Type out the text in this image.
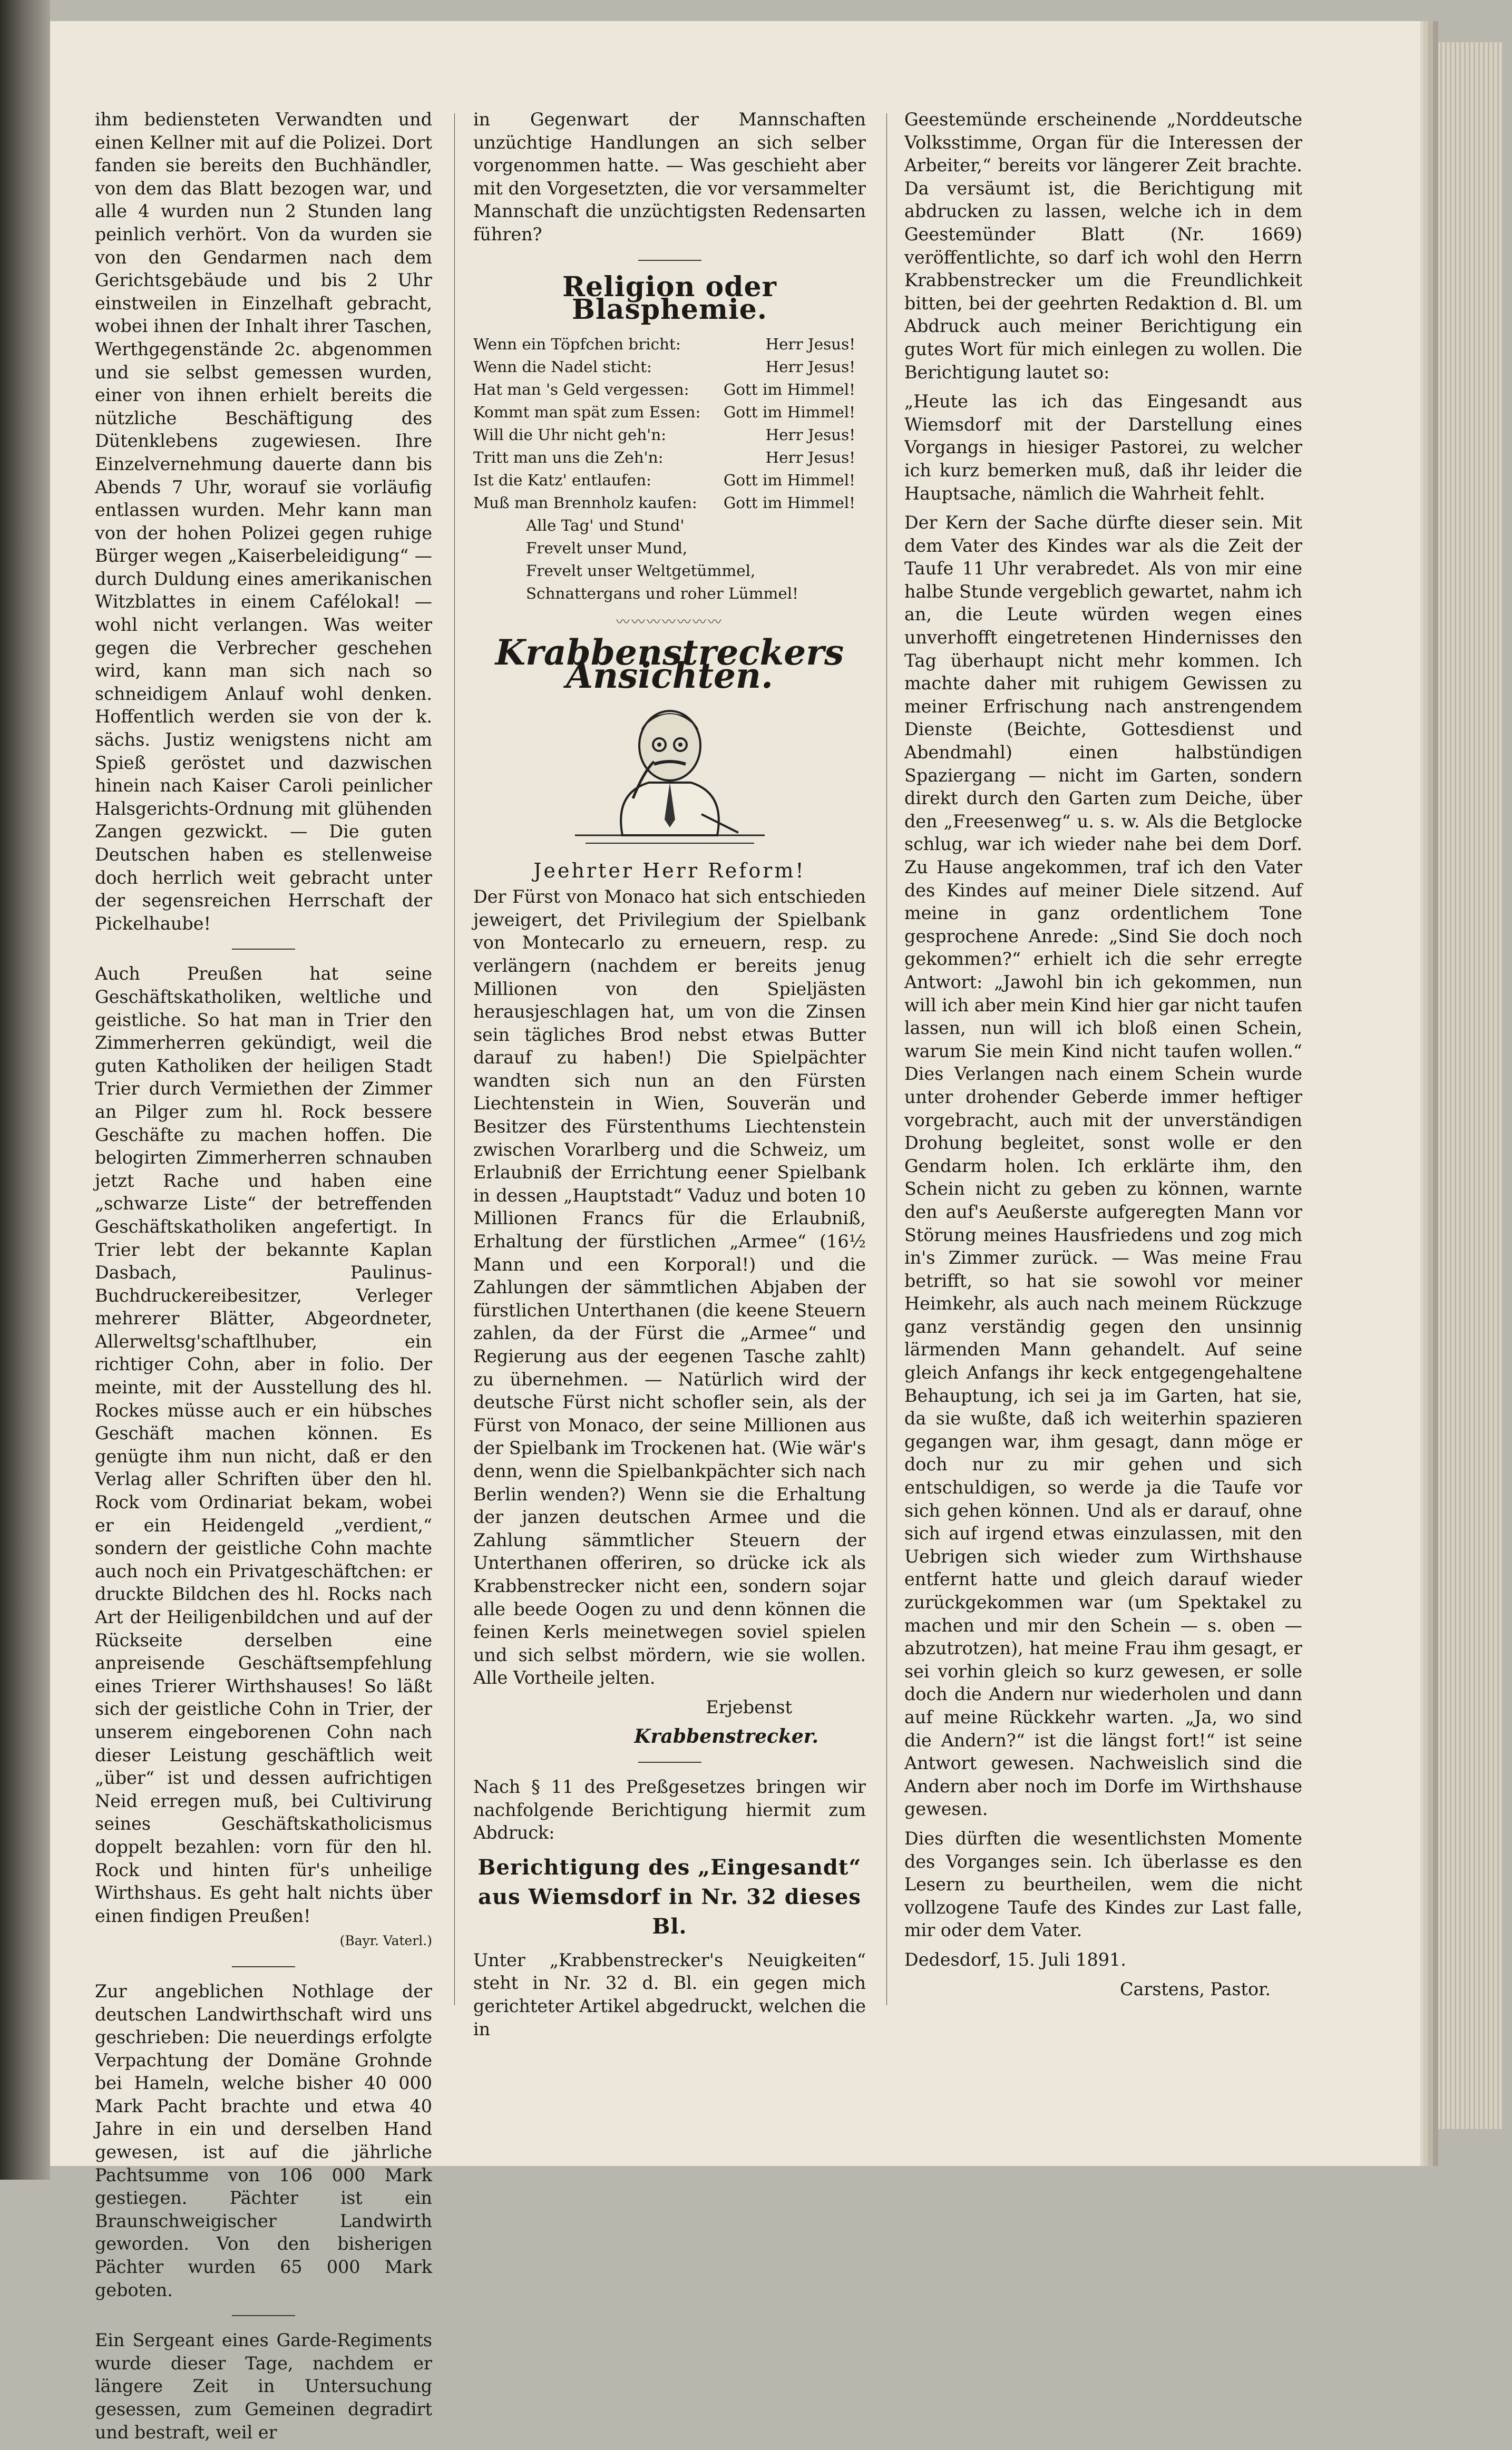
ihm bediensteten Verwandten und einen Kellner mit auf die Polizei. Dort fanden sie bereits den Buchhändler, von dem das Blatt bezogen war, und alle 4 wurden nun 2 Stunden lang peinlich verhört. Von da wurden sie von den Gendarmen nach dem Gerichtsgebäude und bis 2 Uhr einstweilen in Einzelhaft gebracht, wobei ihnen der Inhalt ihrer Taschen, Werthgegenstände 2c. abgenommen und sie selbst gemessen wurden, einer von ihnen erhielt bereits die nützliche Beschäftigung des Dütenklebens zugewiesen. Ihre Einzelvernehmung dauerte dann bis Abends 7 Uhr, worauf sie vorläufig entlassen wurden. Mehr kann man von der hohen Polizei gegen ruhige Bürger wegen „Kaiserbeleidigung“ — durch Duldung eines amerikanischen Witzblattes in einem Cafélokal! — wohl nicht verlangen. Was weiter gegen die Verbrecher geschehen wird, kann man sich nach so schneidigem Anlauf wohl denken. Hoffentlich werden sie von der k. sächs. Justiz wenigstens nicht am Spieß geröstet und dazwischen hinein nach Kaiser Caroli peinlicher Halsgerichts-Ordnung mit glühenden Zangen gezwickt. — Die guten Deutschen haben es stellenweise doch herrlich weit gebracht unter der segensreichen Herrschaft der Pickelhaube!

Auch Preußen hat seine Geschäftskatholiken, weltliche und geistliche. So hat man in Trier den Zimmerherren gekündigt, weil die guten Katholiken der heiligen Stadt Trier durch Vermiethen der Zimmer an Pilger zum hl. Rock bessere Geschäfte zu machen hoffen. Die belogirten Zimmerherren schnauben jetzt Rache und haben eine „schwarze Liste“ der betreffenden Geschäftskatholiken angefertigt. In Trier lebt der bekannte Kaplan Dasbach, Paulinus-Buchdruckereibesitzer, Verleger mehrerer Blätter, Abgeordneter, Allerweltsg'schaftlhuber, ein richtiger Cohn, aber in folio. Der meinte, mit der Ausstellung des hl. Rockes müsse auch er ein hübsches Geschäft machen können. Es genügte ihm nun nicht, daß er den Verlag aller Schriften über den hl. Rock vom Ordinariat bekam, wobei er ein Heidengeld „verdient,“ sondern der geistliche Cohn machte auch noch ein Privatgeschäftchen: er druckte Bildchen des hl. Rocks nach Art der Heiligenbildchen und auf der Rückseite derselben eine anpreisende Geschäftsempfehlung eines Trierer Wirthshauses! So läßt sich der geistliche Cohn in Trier, der unserem eingeborenen Cohn nach dieser Leistung geschäftlich weit „über“ ist und dessen aufrichtigen Neid erregen muß, bei Cultivirung seines Geschäftskatholicismus doppelt bezahlen: vorn für den hl. Rock und hinten für's unheilige Wirthshaus. Es geht halt nichts über einen findigen Preußen!

(Bayr. Vaterl.)

Zur angeblichen Nothlage der deutschen Landwirthschaft wird uns geschrieben: Die neuerdings erfolgte Verpachtung der Domäne Grohnde bei Hameln, welche bisher 40 000 Mark Pacht brachte und etwa 40 Jahre in ein und derselben Hand gewesen, ist auf die jährliche Pachtsumme von 106 000 Mark gestiegen. Pächter ist ein Braunschweigischer Landwirth geworden. Von den bisherigen Pächter wurden 65 000 Mark geboten.

Ein Sergeant eines Garde-Regiments wurde dieser Tage, nachdem er längere Zeit in Untersuchung gesessen, zum Gemeinen degradirt und bestraft, weil er

in Gegenwart der Mannschaften unzüchtige Handlungen an sich selber vorgenommen hatte. — Was geschieht aber mit den Vorgesetzten, die vor versammelter Mannschaft die unzüchtigsten Redensarten führen?

Religion oder Blasphemie.
Wenn ein Töpfchen bricht:	Herr Jesus!
Wenn die Nadel sticht:	Herr Jesus!
Hat man 's Geld vergessen:	Gott im Himmel!
Kommt man spät zum Essen:	Gott im Himmel!
Will die Uhr nicht geh'n:	Herr Jesus!
Tritt man uns die Zeh'n:	Herr Jesus!
Ist die Katz' entlaufen:	Gott im Himmel!
Muß man Brennholz kaufen:	Gott im Himmel!
Alle Tag' und Stund'
Frevelt unser Mund,
Frevelt unser Weltgetümmel,
Schnattergans und roher Lümmel!
〰〰〰〰〰〰〰
Krabbenstreckers Ansichten.
Jeehrter Herr Reform!

Der Fürst von Monaco hat sich entschieden jeweigert, det Privilegium der Spielbank von Montecarlo zu erneuern, resp. zu verlängern (nachdem er bereits jenug Millionen von den Spieljästen herausjeschlagen hat, um von die Zinsen sein tägliches Brod nebst etwas Butter darauf zu haben!) Die Spielpächter wandten sich nun an den Fürsten Liechtenstein in Wien, Souverän und Besitzer des Fürstenthums Liechtenstein zwischen Vorarlberg und die Schweiz, um Erlaubniß der Errichtung eener Spielbank in dessen „Hauptstadt“ Vaduz und boten 10 Millionen Francs für die Erlaubniß, Erhaltung der fürstlichen „Armee“ (16½ Mann und een Korporal!) und die Zahlungen der sämmtlichen Abjaben der fürstlichen Unterthanen (die keene Steuern zahlen, da der Fürst die „Armee“ und Regierung aus der eegenen Tasche zahlt) zu übernehmen. — Natürlich wird der deutsche Fürst nicht schofler sein, als der Fürst von Monaco, der seine Millionen aus der Spielbank im Trockenen hat. (Wie wär's denn, wenn die Spielbankpächter sich nach Berlin wenden?) Wenn sie die Erhaltung der janzen deutschen Armee und die Zahlung sämmtlicher Steuern der Unterthanen offeriren, so drücke ick als Krabbenstrecker nicht een, sondern sojar alle beede Oogen zu und denn können die feinen Kerls meinetwegen soviel spielen und sich selbst mördern, wie sie wollen. Alle Vortheile jelten.

Erjebenst

Krabbenstrecker.

Nach § 11 des Preßgesetzes bringen wir nachfolgende Berichtigung hiermit zum Abdruck:

Berichtigung des „Eingesandt“ aus Wiemsdorf in Nr. 32 dieses Bl.

Unter „Krabbenstrecker's Neuigkeiten“ steht in Nr. 32 d. Bl. ein gegen mich gerichteter Artikel abgedruckt, welchen die in

Geestemünde erscheinende „Norddeutsche Volksstimme, Organ für die Interessen der Arbeiter,“ bereits vor längerer Zeit brachte. Da versäumt ist, die Berichtigung mit abdrucken zu lassen, welche ich in dem Geestemünder Blatt (Nr. 1669) veröffentlichte, so darf ich wohl den Herrn Krabbenstrecker um die Freundlichkeit bitten, bei der geehrten Redaktion d. Bl. um Abdruck auch meiner Berichtigung ein gutes Wort für mich einlegen zu wollen. Die Berichtigung lautet so:

„Heute las ich das Eingesandt aus Wiemsdorf mit der Darstellung eines Vorgangs in hiesiger Pastorei, zu welcher ich kurz bemerken muß, daß ihr leider die Hauptsache, nämlich die Wahrheit fehlt.

Der Kern der Sache dürfte dieser sein. Mit dem Vater des Kindes war als die Zeit der Taufe 11 Uhr verabredet. Als von mir eine halbe Stunde vergeblich gewartet, nahm ich an, die Leute würden wegen eines unverhofft eingetretenen Hindernisses den Tag überhaupt nicht mehr kommen. Ich machte daher mit ruhigem Gewissen zu meiner Erfrischung nach anstrengendem Dienste (Beichte, Gottesdienst und Abendmahl) einen halbstündigen Spaziergang — nicht im Garten, sondern direkt durch den Garten zum Deiche, über den „Freesenweg“ u. s. w. Als die Betglocke schlug, war ich wieder nahe bei dem Dorf. Zu Hause angekommen, traf ich den Vater des Kindes auf meiner Diele sitzend. Auf meine in ganz ordentlichem Tone gesprochene Anrede: „Sind Sie doch noch gekommen?“ erhielt ich die sehr erregte Antwort: „Jawohl bin ich gekommen, nun will ich aber mein Kind hier gar nicht taufen lassen, nun will ich bloß einen Schein, warum Sie mein Kind nicht taufen wollen.“ Dies Verlangen nach einem Schein wurde unter drohender Geberde immer heftiger vorgebracht, auch mit der unverständigen Drohung begleitet, sonst wolle er den Gendarm holen. Ich erklärte ihm, den Schein nicht zu geben zu können, warnte den auf's Aeußerste aufgeregten Mann vor Störung meines Hausfriedens und zog mich in's Zimmer zurück. — Was meine Frau betrifft, so hat sie sowohl vor meiner Heimkehr, als auch nach meinem Rückzuge ganz verständig gegen den unsinnig lärmenden Mann gehandelt. Auf seine gleich Anfangs ihr keck entgegengehaltene Behauptung, ich sei ja im Garten, hat sie, da sie wußte, daß ich weiterhin spazieren gegangen war, ihm gesagt, dann möge er doch nur zu mir gehen und sich entschuldigen, so werde ja die Taufe vor sich gehen können. Und als er darauf, ohne sich auf irgend etwas einzulassen, mit den Uebrigen sich wieder zum Wirthshause entfernt hatte und gleich darauf wieder zurückgekommen war (um Spektakel zu machen und mir den Schein — s. oben — abzutrotzen), hat meine Frau ihm gesagt, er sei vorhin gleich so kurz gewesen, er solle doch die Andern nur wiederholen und dann auf meine Rückkehr warten. „Ja, wo sind die Andern?“ ist die längst fort!“ ist seine Antwort gewesen. Nachweislich sind die Andern aber noch im Dorfe im Wirthshause gewesen.

Dies dürften die wesentlichsten Momente des Vorganges sein. Ich überlasse es den Lesern zu beurtheilen, wem die nicht vollzogene Taufe des Kindes zur Last falle, mir oder dem Vater.

Dedesdorf, 15. Juli 1891.

Carstens, Pastor.
